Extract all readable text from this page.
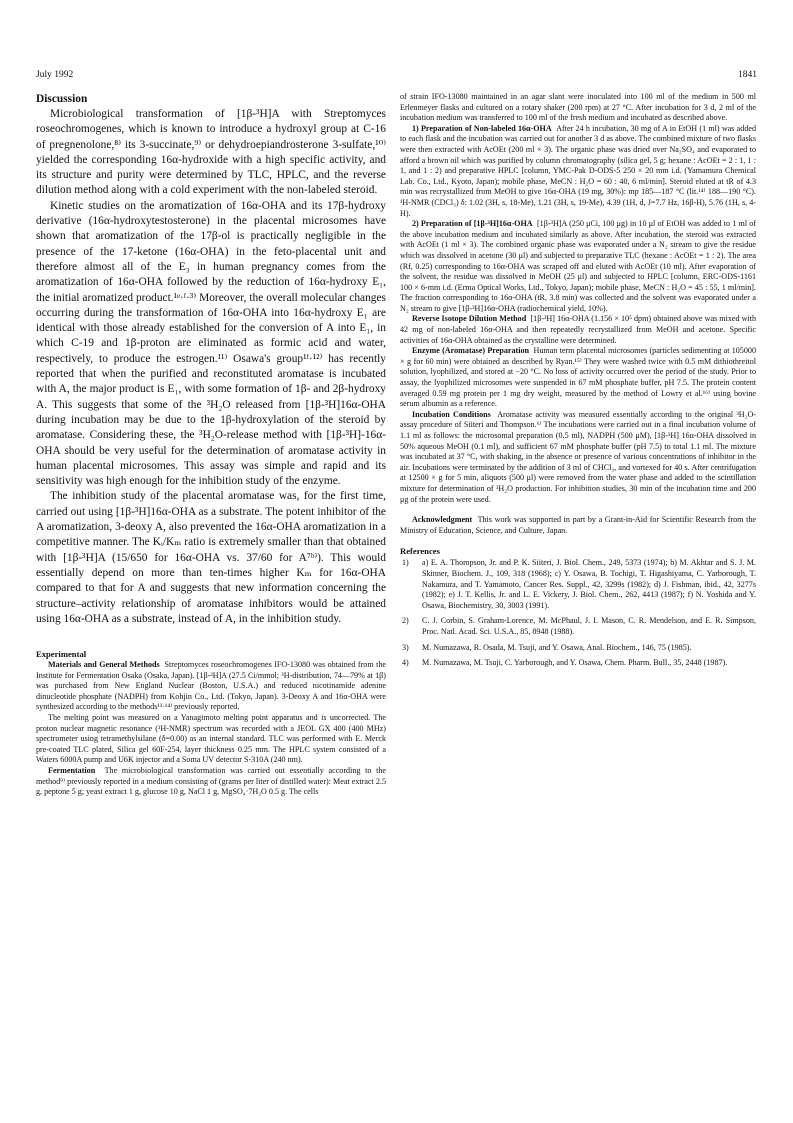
July 1992	1841

Discussion

Microbiological transformation of [1β-³H]A with Streptomyces roseochromogenes, which is known to introduce a hydroxyl group at C-16 of pregnenolone,⁸⁾ its 3-succinate,⁹⁾ or dehydroepiandrosterone 3-sulfate,¹⁰⁾ yielded the corresponding 16α-hydroxide with a high specific activity, and its structure and purity were determined by TLC, HPLC, and the reverse dilution method along with a cold experiment with the non-labeled steroid.

Kinetic studies on the aromatization of 16α-OHA and its 17β-hydroxy derivative (16α-hydroxytestosterone) in the placental microsomes have shown that aromatization of the 17β-ol is practically negligible in the presence of the 17-ketone (16α-OHA) in the feto-placental unit and therefore almost all of the E₃ in human pregnancy comes from the aromatization of 16α-OHA followed by the reduction of 16α-hydroxy E₁, the initial aromatized product.¹ᵉ·ᶠ·³⁾ Moreover, the overall molecular changes occurring during the transformation of 16α-OHA into 16α-hydroxy E₁ are identical with those already established for the conversion of A into E₁, in which C-19 and 1β-proton are eliminated as formic acid and water, respectively, to produce the estrogen.¹¹⁾ Osawa's group¹ᶠ·¹²⁾ has recently reported that when the purified and reconstituted aromatase is incubated with A, the major product is E₁, with some formation of 1β- and 2β-hydroxy A. This suggests that some of the ³H₂O released from [1β-³H]16α-OHA during incubation may be due to the 1β-hydroxylation of the steroid by aromatase. Considering these, the ³H₂O-release method with [1β-³H]-16α-OHA should be very useful for the determination of aromatase activity in human placental microsomes. This assay was simple and rapid and its sensitivity was high enough for the inhibition study of the enzyme.

The inhibition study of the placental aromatase was, for the first time, carried out using [1β-³H]16α-OHA as a substrate. The potent inhibitor of the A aromatization, 3-deoxy A, also prevented the 16α-OHA aromatization in a competitive manner. The Kᵢ/Kₘ ratio is extremely smaller than that obtained with [1β-³H]A (15/650 for 16α-OHA vs. 37/60 for A⁷ᵇ⁾). This would essentially depend on more than ten-times higher Kₘ for 16α-OHA compared to that for A and suggests that new information concerning the structure–activity relationship of aromatase inhibitors would be attained using 16α-OHA as a substrate, instead of A, in the inhibition study.

Experimental

Materials and General Methods Streptomyces roseochromogenes IFO-13080 was obtained from the Institute for Fermentation Osaka (Osaka, Japan). [1β-³H]A (27.5 Ci/mmol; ³H-distribution, 74—79% at 1β) was purchased from New England Nuclear (Boston, U.S.A.) and reduced nicotinamide adenine dinucleotide phosphate (NADPH) from Kohjin Co., Ltd. (Tokyo, Japan). 3-Deoxy A and 16α-OHA were synthesized according to the methods¹³·¹⁴⁾ previously reported.

The melting point was measured on a Yanagimoto melting point apparatus and is uncorrected. The proton nuclear magnetic resonance (¹H-NMR) spectrum was recorded with a JEOL GX 400 (400 MHz) spectrometer using tetramethylsilane (δ=0.00) as an internal standard. TLC was performed with E. Merck pre-coated TLC plated, Silica gel 60F-254, layer thickness 0.25 mm. The HPLC system consisted of a Waters 6000A pump and U6K injector and a Soma UV detector S-310A (240 nm).

Fermentation The microbiological transformation was carried out essentially according to the method⁹⁾ previously reported in a medium consisting of (grams per liter of distilled water): Meat extract 2.5 g, peptone 5 g; yeast extract 1 g, glucose 10 g, NaCl 1 g, MgSO₄·7H₂O 0.5 g. The cells

of strain IFO-13080 maintained in an agar slant were inoculated into 100 ml of the medium in 500 ml Erlenmeyer flasks and cultured on a rotary shaker (200 rpm) at 27 °C. After incubation for 3 d, 2 ml of the incubation medium was transferred to 100 ml of the fresh medium and incubated as described above.

1) Preparation of Non-labeled 16α-OHA After 24 h incubation, 30 mg of A in EtOH (1 ml) was added to each flask and the incubation was carried out for another 3 d as above. The combined mixture of two flasks were then extracted with AcOEt (200 ml × 3). The organic phase was dried over Na₂SO₄ and evaporated to afford a brown oil which was purified by column chromatography (silica gel, 5 g; hexane : AcOEt = 2 : 1, 1 : 1, and 1 : 2) and preparative HPLC [column, YMC-Pak D-ODS-5 250 × 20 mm i.d. (Yamamura Chemical Lab. Co., Ltd., Kyoto, Japan); mobile phase, MeCN : H₂O = 60 : 40, 6 ml/min]. Steroid eluted at tR of 4.3 min was recrystallized from MeOH to give 16α-OHA (19 mg, 30%): mp 185—187 °C (lit.¹⁴⁾ 188—190 °C). ¹H-NMR (CDCl₃) δ: 1.02 (3H, s, 18-Me), 1.21 (3H, s, 19-Me), 4.39 (1H, d, J=7.7 Hz, 16β-H), 5.76 (1H, s, 4-H).

2) Preparation of [1β-³H]16α-OHA [1β-³H]A (250 μCi, 100 μg) in 10 μl of EtOH was added to 1 ml of the above incubation medium and incubated similarly as above. After incubation, the steroid was extracted with AcOEt (1 ml × 3). The combined organic phase was evaporated under a N₂ stream to give the residue which was dissolved in acetone (30 μl) and subjected to preparative TLC (hexane : AcOEt = 1 : 2). The area (Rf, 0.25) corresponding to 16α-OHA was scraped off and eluted with AcOEt (10 ml). After evaporation of the solvent, the residue was dissolved in MeOH (25 μl) and subjected to HPLC [column, ERC-ODS-1161 100 × 6-mm i.d. (Erma Optical Works, Ltd., Tokyo, Japan); mobile phase, MeCN : H₂O = 45 : 55, 1 ml/min]. The fraction corresponding to 16α-OHA (tR, 3.8 min) was collected and the solvent was evaporated under a N₂ stream to give [1β-³H]16α-OHA (radiochemical yield, 10%).

Reverse Isotope Dilution Method [1β-³H] 16α-OHA (1.156 × 10⁵ dpm) obtained above was mixed with 42 mg of non-labeled 16α-OHA and then repeatedly recrystallized from MeOH and acetone. Specific activities of 16α-OHA obtained as the crystalline were determined.

Enzyme (Aromatase) Preparation Human term placental microsomes (particles sedimenting at 105000 × g for 60 min) were obtained as described by Ryan.¹⁵⁾ They were washed twice with 0.5 mM dithiothreitol solution, lyophilized, and stored at −20 °C. No loss of activity occurred over the period of the study. Prior to assay, the lyophilized microsomes were suspended in 67 mM phosphate buffer, pH 7.5. The protein content averaged 0.59 mg protein per 1 mg dry weight, measured by the method of Lowry et al.¹⁶⁾ using bovine serum albumin as a reference.

Incubation Conditions Aromatase activity was measured essentially according to the original ³H₂O-assay procedure of Siiteri and Thompson.⁶⁾ The incubations were carried out in a final incubation volume of 1.1 ml as follows: the microsomal preparation (0.5 ml), NADPH (500 μM), [1β-³H] 16α-OHA dissolved in 50% aqueous MeOH (0.1 ml), and sufficient 67 mM phosphate buffer (pH 7.5) to total 1.1 ml. The mixture was incubated at 37 °C, with shaking, in the absence or presence of various concentrations of inhibitor in the air. Incubations were terminated by the addition of 3 ml of CHCl₃, and vortexed for 40 s. After centrifugation at 12500 × g for 5 min, aliquots (500 μl) were removed from the water phase and added to the scintillation mixture for determination of ³H₂O production. For inhibition studies, 30 min of the incubation time and 200 μg of the protein were used.

Acknowledgment This work was supported in part by a Grant-in-Aid for Scientific Research from the Ministry of Education, Science, and Culture, Japan.

References

1) a) E. A. Thompson, Jr. and P. K. Siiteri, J. Biol. Chem., 249, 5373 (1974); b) M. Akhtar and S. J. M. Skinner, Biochem. J., 109, 318 (1968); c) Y. Osawa, B. Tochigi, T. Higashiyama, C. Yarborough, T. Nakamura, and T. Yamamoto, Cancer Res. Suppl., 42, 3299s (1982); d) J. Fishman, ibid., 42, 3277s (1982); e) J. T. Kellis, Jr. and L. E. Vickery, J. Biol. Chem., 262, 4413 (1987); f) N. Yoshida and Y. Osawa, Biochemistry, 30, 3003 (1991).
2) C. J. Corbin, S. Graham-Lorence, M. McPhaul, J. I. Mason, C. R. Mendelson, and E. R. Simpson, Proc. Natl. Acad. Sci. U.S.A., 85, 8948 (1988).
3) M. Numazawa, R. Osada, M. Tsuji, and Y. Osawa, Anal. Biochem., 146, 75 (1985).
4) M. Numazawa, M. Tsuji, C. Yarborough, and Y. Osawa, Chem. Pharm. Bull., 35, 2448 (1987).
